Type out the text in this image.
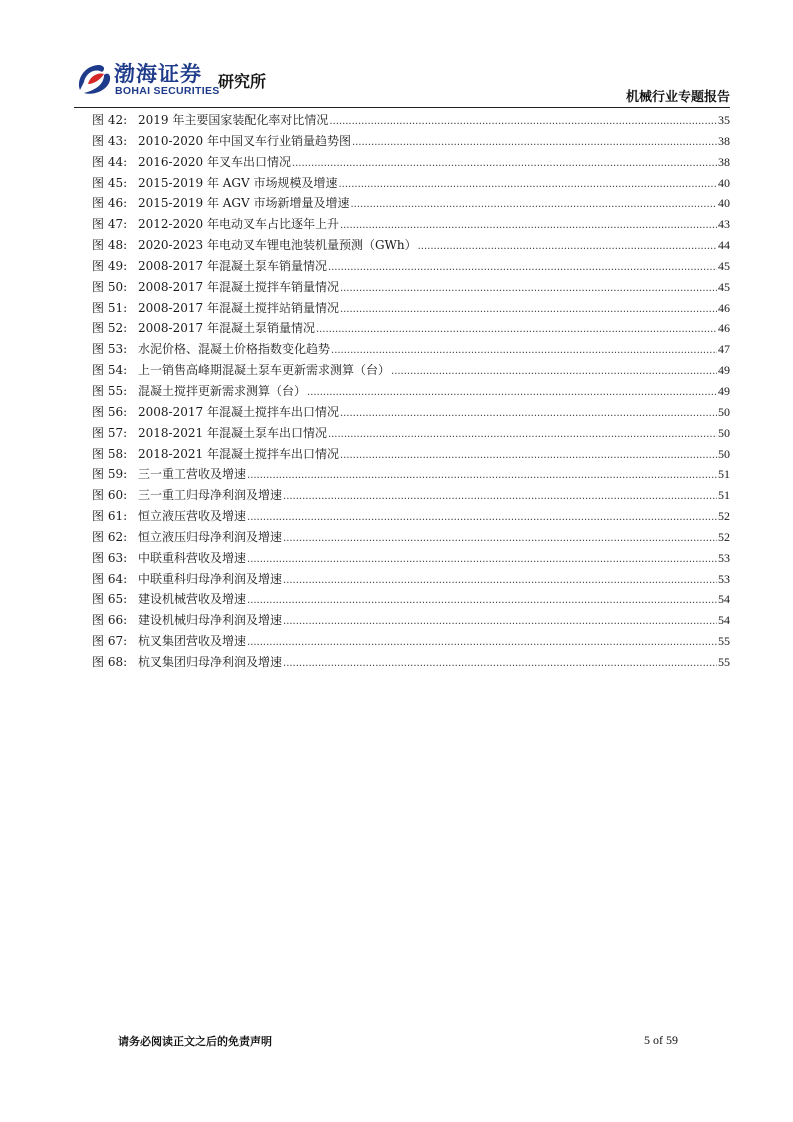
渤海证券
BOHAI SECURITIES
研究所
机械行业专题报告
图 42: 2019 年主要国家装配化率对比情况 .....	35
图 43: 2010-2020 年中国叉车行业销量趋势图 .....	38
图 44: 2016-2020 年叉车出口情况 .....	38
图 45: 2015-2019 年 AGV 市场规模及增速 .....	40
图 46: 2015-2019 年 AGV 市场新增量及增速 .....	40
图 47: 2012-2020 年电动叉车占比逐年上升 .....	43
图 48: 2020-2023 年电动叉车锂电池装机量预测（GWh） .....	44
图 49: 2008-2017 年混凝土泵车销量情况 .....	45
图 50: 2008-2017 年混凝土搅拌车销量情况 .....	45
图 51: 2008-2017 年混凝土搅拌站销量情况 .....	46
图 52: 2008-2017 年混凝土泵销量情况 .....	46
图 53: 水泥价格、混凝土价格指数变化趋势 .....	47
图 54: 上一销售高峰期混凝土泵车更新需求测算（台） .....	49
图 55: 混凝土搅拌更新需求测算（台） .....	49
图 56: 2008-2017 年混凝土搅拌车出口情况 .....	50
图 57: 2018-2021 年混凝土泵车出口情况 .....	50
图 58: 2018-2021 年混凝土搅拌车出口情况 .....	50
图 59: 三一重工营收及增速 .....	51
图 60: 三一重工归母净利润及增速 .....	51
图 61: 恒立液压营收及增速 .....	52
图 62: 恒立液压归母净利润及增速 .....	52
图 63: 中联重科营收及增速 .....	53
图 64: 中联重科归母净利润及增速 .....	53
图 65: 建设机械营收及增速 .....	54
图 66: 建设机械归母净利润及增速 .....	54
图 67: 杭叉集团营收及增速 .....	55
图 68: 杭叉集团归母净利润及增速 .....	55
请务必阅读正文之后的免责声明	5 of 59
